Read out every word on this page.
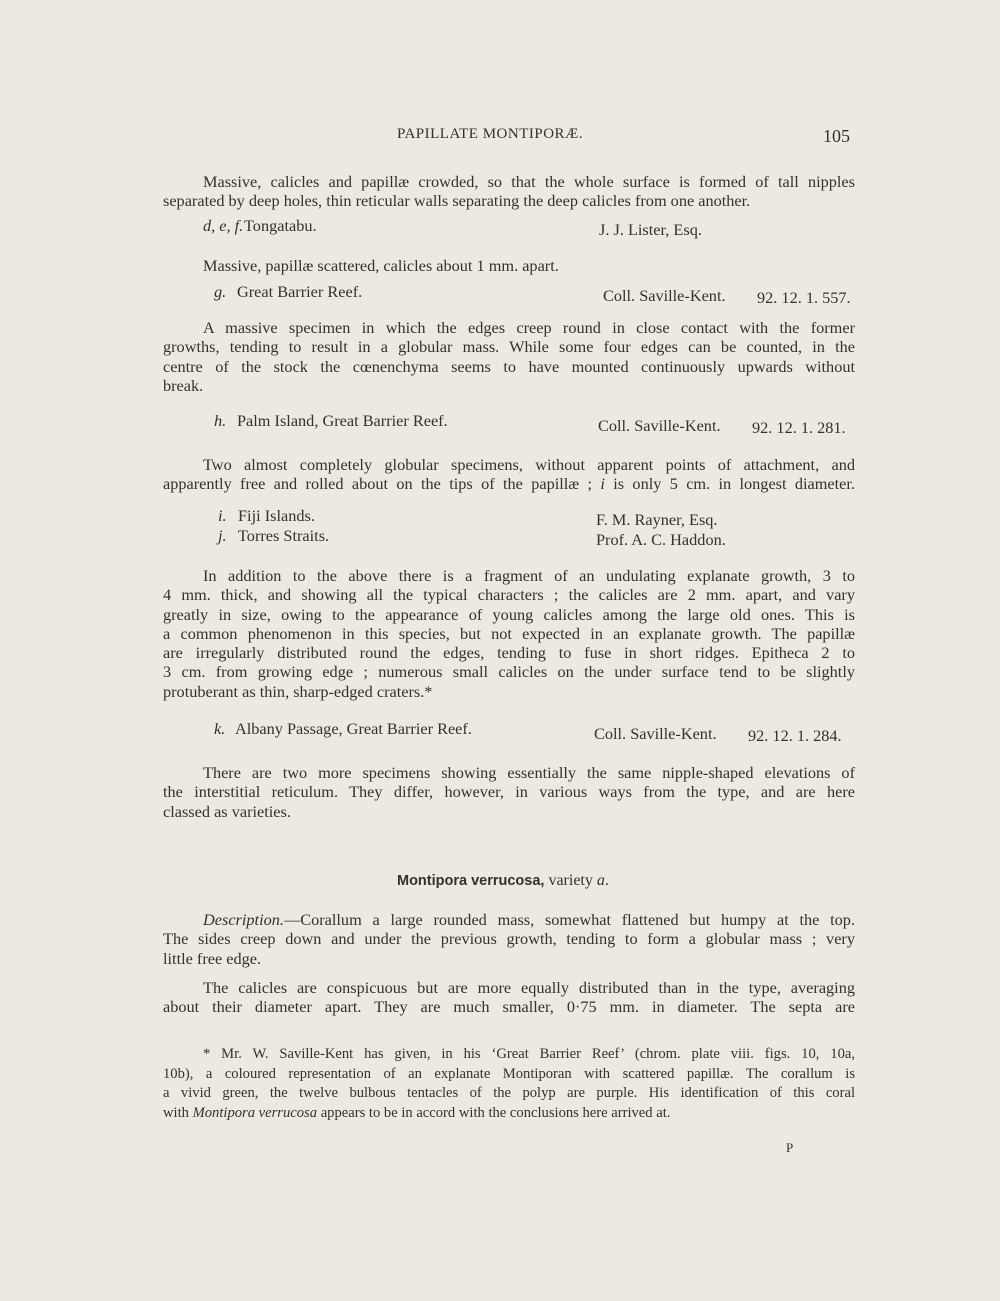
PAPILLATE MONTIPORÆ.	105
Massive, calicles and papillæ crowded, so that the whole surface is formed of tall nipples
separated by deep holes, thin reticular walls separating the deep calicles from one another.
d, e, f. Tongatabu.	J. J. Lister, Esq.
Massive, papillæ scattered, calicles about 1 mm. apart.
g. Great Barrier Reef.	Coll. Saville-Kent. 92. 12. 1. 557.
A massive specimen in which the edges creep round in close contact with the former
growths, tending to result in a globular mass. While some four edges can be counted, in the
centre of the stock the cœnenchyma seems to have mounted continuously upwards without
break.
h. Palm Island, Great Barrier Reef.	Coll. Saville-Kent. 92. 12. 1. 281.
Two almost completely globular specimens, without apparent points of attachment, and
apparently free and rolled about on the tips of the papillæ ; i is only 5 cm. in longest diameter.
i. Fiji Islands.	F. M. Rayner, Esq.
j. Torres Straits.	Prof. A. C. Haddon.
In addition to the above there is a fragment of an undulating explanate growth, 3 to
4 mm. thick, and showing all the typical characters ; the calicles are 2 mm. apart, and vary
greatly in size, owing to the appearance of young calicles among the large old ones. This is
a common phenomenon in this species, but not expected in an explanate growth. The papillæ
are irregularly distributed round the edges, tending to fuse in short ridges. Epitheca 2 to
3 cm. from growing edge ; numerous small calicles on the under surface tend to be slightly
protuberant as thin, sharp-edged craters.*
k. Albany Passage, Great Barrier Reef.	Coll. Saville-Kent. 92. 12. 1. 284.
There are two more specimens showing essentially the same nipple-shaped elevations of
the interstitial reticulum. They differ, however, in various ways from the type, and are here
classed as varieties.
Montipora verrucosa, variety a.
Description.—Corallum a large rounded mass, somewhat flattened but humpy at the top.
The sides creep down and under the previous growth, tending to form a globular mass ; very
little free edge.
The calicles are conspicuous but are more equally distributed than in the type, averaging
about their diameter apart. They are much smaller, 0·75 mm. in diameter. The septa are
* Mr. W. Saville-Kent has given, in his ‘Great Barrier Reef’ (chrom. plate viii. figs. 10, 10a,
10b), a coloured representation of an explanate Montiporan with scattered papillæ. The corallum is
a vivid green, the twelve bulbous tentacles of the polyp are purple. His identification of this coral
with Montipora verrucosa appears to be in accord with the conclusions here arrived at.
P
